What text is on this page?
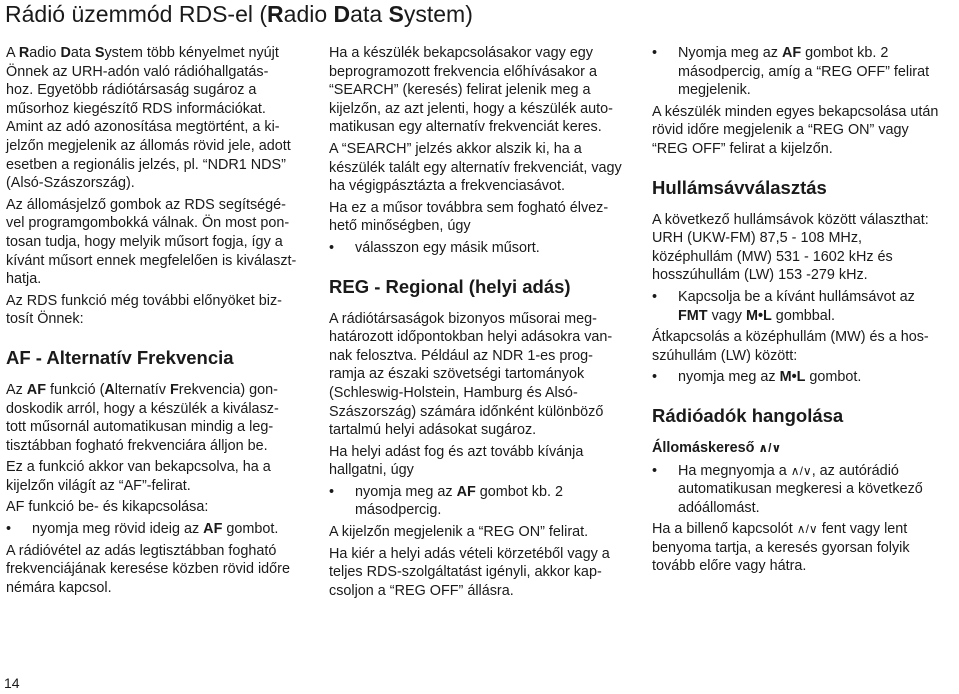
Rádió üzemmód RDS-el (Radio Data System)
A Radio Data System több kényelmet nyújt
Önnek az URH-adón való rádióhallgatás-
hoz. Egyetöbb rádiótársaság sugároz a
műsorhoz kiegészítő RDS információkat.
Amint az adó azonosítása megtörtént, a ki-
jelzőn megjelenik az állomás rövid jele, adott
esetben a regionális jelzés, pl. “NDR1 NDS”
(Alsó-Szászország).
Az állomásjelző gombok az RDS segítségé-
vel programgombokká válnak. Ön most pon-
tosan tudja, hogy melyik műsort fogja, így a
kívánt műsort ennek megfelelően is kiválaszt-
hatja.
Az RDS funkció még további előnyöket biz-
tosít Önnek:
AF - Alternatív Frekvencia
Az AF funkció (Alternatív Frekvencia) gon-
doskodik arról, hogy a készülék a kiválasz-
tott műsornál automatikusan mindig a leg-
tisztábban fogható frekvenciára álljon be.
Ez a funkció akkor van bekapcsolva, ha a
kijelzőn világít az “AF”-felirat.
AF funkció be- és kikapcsolása:
• nyomja meg rövid ideig az AF gombot.
A rádióvétel az adás legtisztábban fogható
frekvenciájának keresése közben rövid időre
némára kapcsol.
Ha a készülék bekapcsolásakor vagy egy
beprogramozott frekvencia előhívásakor a
“SEARCH” (keresés) felirat jelenik meg a
kijelzőn, az azt jelenti, hogy a készülék auto-
matikusan egy alternatív frekvenciát keres.
A “SEARCH” jelzés akkor alszik ki, ha a
készülék talált egy alternatív frekvenciát, vagy
ha végigpásztázta a frekvenciasávot.
Ha ez a műsor továbbra sem fogható élvez-
hető minőségben, úgy
• válasszon egy másik műsort.
REG - Regional (helyi adás)
A rádiótársaságok bizonyos műsorai meg-
határozott időpontokban helyi adásokra van-
nak felosztva. Például az NDR 1-es prog-
ramja az északi szövetségi tartományok
(Schleswig-Holstein, Hamburg és Alsó-
Szászország) számára időnként különböző
tartalmú helyi adásokat sugároz.
Ha helyi adást fog és azt tovább kívánja
hallgatni, úgy
• nyomja meg az AF gombot kb. 2
másodpercig.
A kijelzőn megjelenik a “REG ON” felirat.
Ha kiér a helyi adás vételi körzetéből vagy a
teljes RDS-szolgáltatást igényli, akkor kap-
csoljon a “REG OFF” állásra.
• Nyomja meg az AF gombot kb. 2
másodpercig, amíg a “REG OFF” felirat
megjelenik.
A készülék minden egyes bekapcsolása után
rövid időre megjelenik a “REG ON” vagy
“REG OFF” felirat a kijelzőn.
Hullámsávválasztás
A következő hullámsávok között választhat:
URH (UKW-FM) 87,5 - 108 MHz,
középhullám (MW) 531 - 1602 kHz és
hosszúhullám (LW) 153 -279 kHz.
• Kapcsolja be a kívánt hullámsávot az
FMT vagy M•L gombbal.
Átkapcsolás a középhullám (MW) és a hos-
szúhullám (LW) között:
• nyomja meg az M•L gombot.
Rádióadók hangolása
Állomáskereső ∧/∨
• Ha megnyomja a ∧/∨, az autórádió
automatikusan megkeresi a következő
adóállomást.
Ha a billenő kapcsolót ∧/∨ fent vagy lent
benyoma tartja, a keresés gyorsan folyik
tovább előre vagy hátra.
14
